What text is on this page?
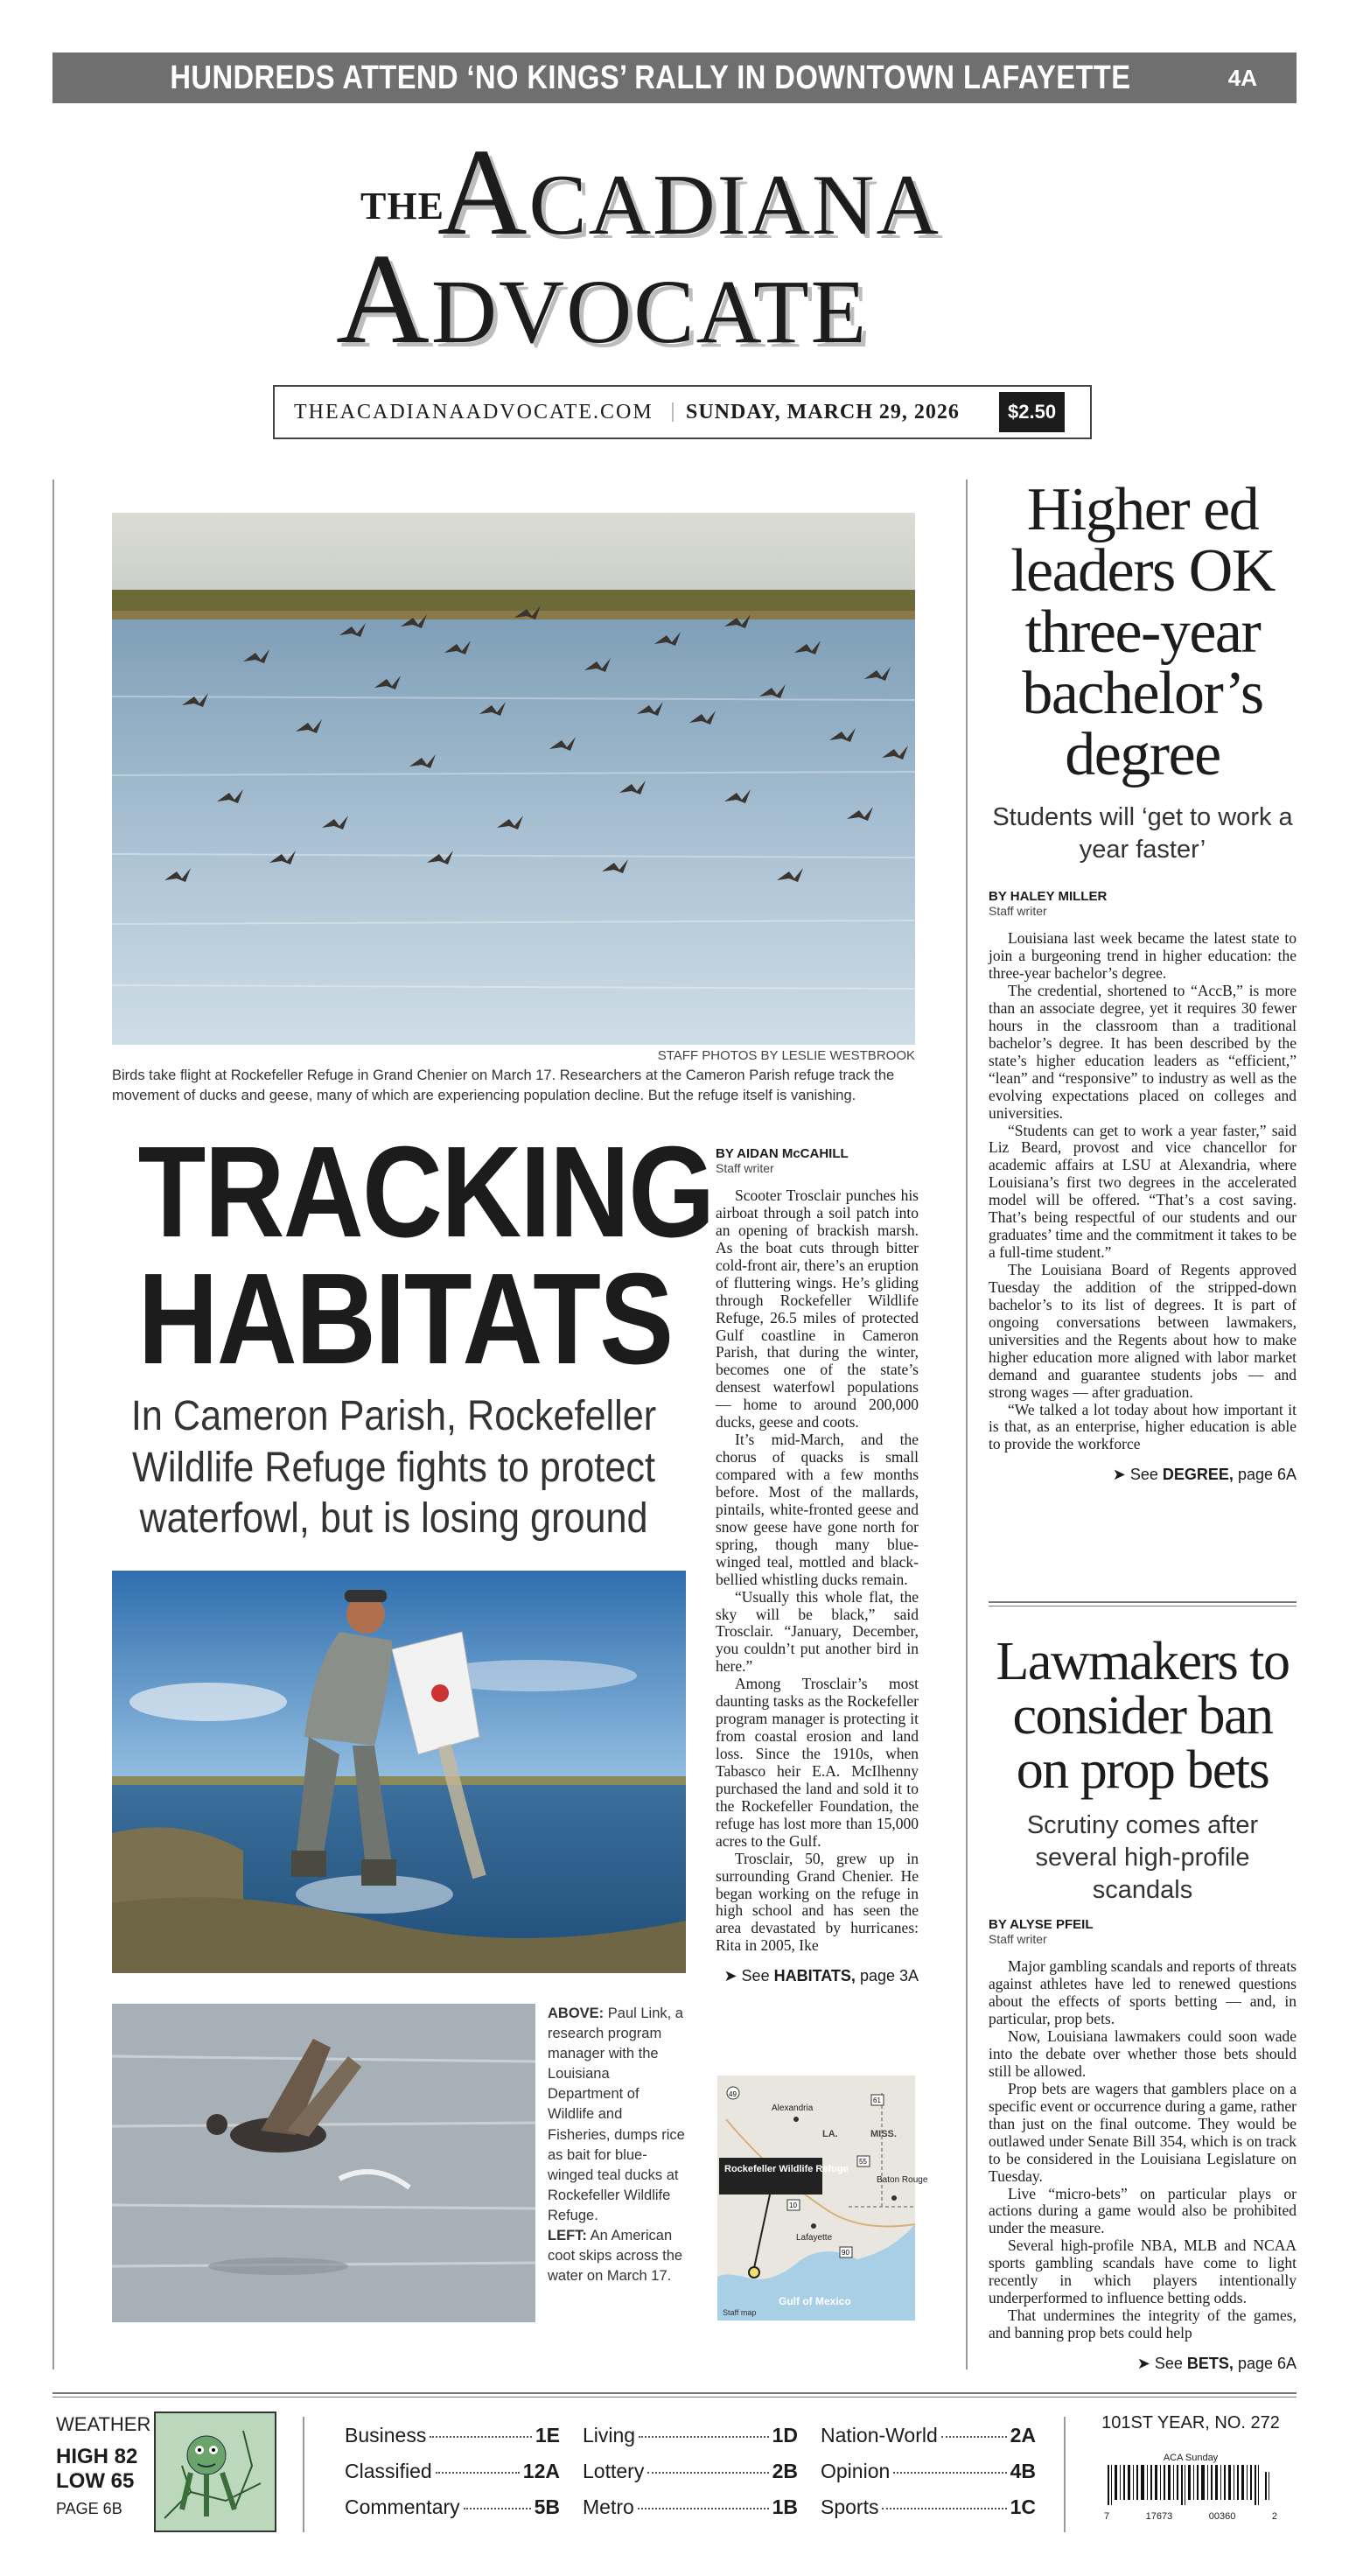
HUNDREDS ATTEND ‘NO KINGS’ RALLY IN DOWNTOWN LAFAYETTE	4A
THE
Acadiana
Advocate
THEACADIANAADVOCATE.COM	SUNDAY, MARCH 29, 2026	$2.50
STAFF PHOTOS BY LESLIE WESTBROOK
Birds take flight at Rockefeller Refuge in Grand Chenier on March 17. Researchers at the Cameron Parish refuge track the movement of ducks and geese, many of which are experiencing population decline. But the refuge itself is vanishing.
TRACKING
HABITATS
In Cameron Parish, Rockefeller Wildlife Refuge fights to protect waterfowl, but is losing ground
BY AIDAN McCAHILL
Staff writer

Scooter Trosclair punches his airboat through a soil patch into an opening of brackish marsh. As the boat cuts through bitter cold-front air, there’s an eruption of fluttering wings. He’s gliding through Rockefeller Wildlife Refuge, 26.5 miles of protected Gulf coastline in Cameron Parish, that during the winter, becomes one of the state’s densest waterfowl populations — home to around 200,000 ducks, geese and coots.

It’s mid-March, and the chorus of quacks is small compared with a few months before. Most of the mallards, pintails, white-fronted geese and snow geese have gone north for spring, though many blue-winged teal, mottled and black-bellied whistling ducks remain.

“Usually this whole flat, the sky will be black,” said Trosclair. “January, December, you couldn’t put another bird in here.”

Among Trosclair’s most daunting tasks as the Rockefeller program manager is protecting it from coastal erosion and land loss. Since the 1910s, when Tabasco heir E.A. McIlhenny purchased the land and sold it to the Rockefeller Foundation, the refuge has lost more than 15,000 acres to the Gulf.

Trosclair, 50, grew up in surrounding Grand Chenier. He began working on the refuge in high school and has seen the area devastated by hurricanes: Rita in 2005, Ike

➤ See HABITATS, page 3A
ABOVE: Paul Link, a research program manager with the Louisiana Department of Wildlife and Fisheries, dumps rice as bait for blue-winged teal ducks at Rockefeller Wildlife Refuge.
LEFT: An American coot skips across the water on March 17.
Alexandria
LA.	MISS.
Baton Rouge
Lafayette
49
61
10
55
90
Rockefeller Wildlife Refuge
Gulf of Mexico
Staff map
Higher ed leaders OK three-year bachelor’s degree
Students will ‘get to work a year faster’
BY HALEY MILLER
Staff writer

Louisiana last week became the latest state to join a burgeoning trend in higher education: the three-year bachelor’s degree.

The credential, shortened to “AccB,” is more than an associate degree, yet it requires 30 fewer hours in the classroom than a traditional bachelor’s degree. It has been described by the state’s higher education leaders as “efficient,” “lean” and “responsive” to industry as well as the evolving expectations placed on colleges and universities.

“Students can get to work a year faster,” said Liz Beard, provost and vice chancellor for academic affairs at LSU at Alexandria, where Louisiana’s first two degrees in the accelerated model will be offered. “That’s a cost saving. That’s being respectful of our students and our graduates’ time and the commitment it takes to be a full-time student.”

The Louisiana Board of Regents approved Tuesday the addition of the stripped-down bachelor’s to its list of degrees. It is part of ongoing conversations between lawmakers, universities and the Regents about how to make higher education more aligned with labor market demand and guarantee students jobs — and strong wages — after graduation.

“We talked a lot today about how important it is that, as an enterprise, higher education is able to provide the workforce

➤ See DEGREE, page 6A
Lawmakers to consider ban on prop bets
Scrutiny comes after several high-profile scandals
BY ALYSE PFEIL
Staff writer

Major gambling scandals and reports of threats against athletes have led to renewed questions about the effects of sports betting — and, in particular, prop bets.

Now, Louisiana lawmakers could soon wade into the debate over whether those bets should still be allowed.

Prop bets are wagers that gamblers place on a specific event or occurrence during a game, rather than just on the final outcome. They would be outlawed under Senate Bill 354, which is on track to be considered in the Louisiana Legislature on Tuesday.

Live “micro-bets” on particular plays or actions during a game would also be prohibited under the measure.

Several high-profile NBA, MLB and NCAA sports gambling scandals have come to light recently in which players intentionally underperformed to influence betting odds.

That undermines the integrity of the games, and banning prop bets could help

➤ See BETS, page 6A
WEATHER
HIGH 82
LOW 65
PAGE 6B
Business	1E
Classified	12A
Commentary	5B
Living	1D
Lottery	2B
Metro	1B
Nation-World	2A
Opinion	4B
Sports	1C
101ST YEAR, NO. 272
ACA Sunday
7	17673	00360	2
